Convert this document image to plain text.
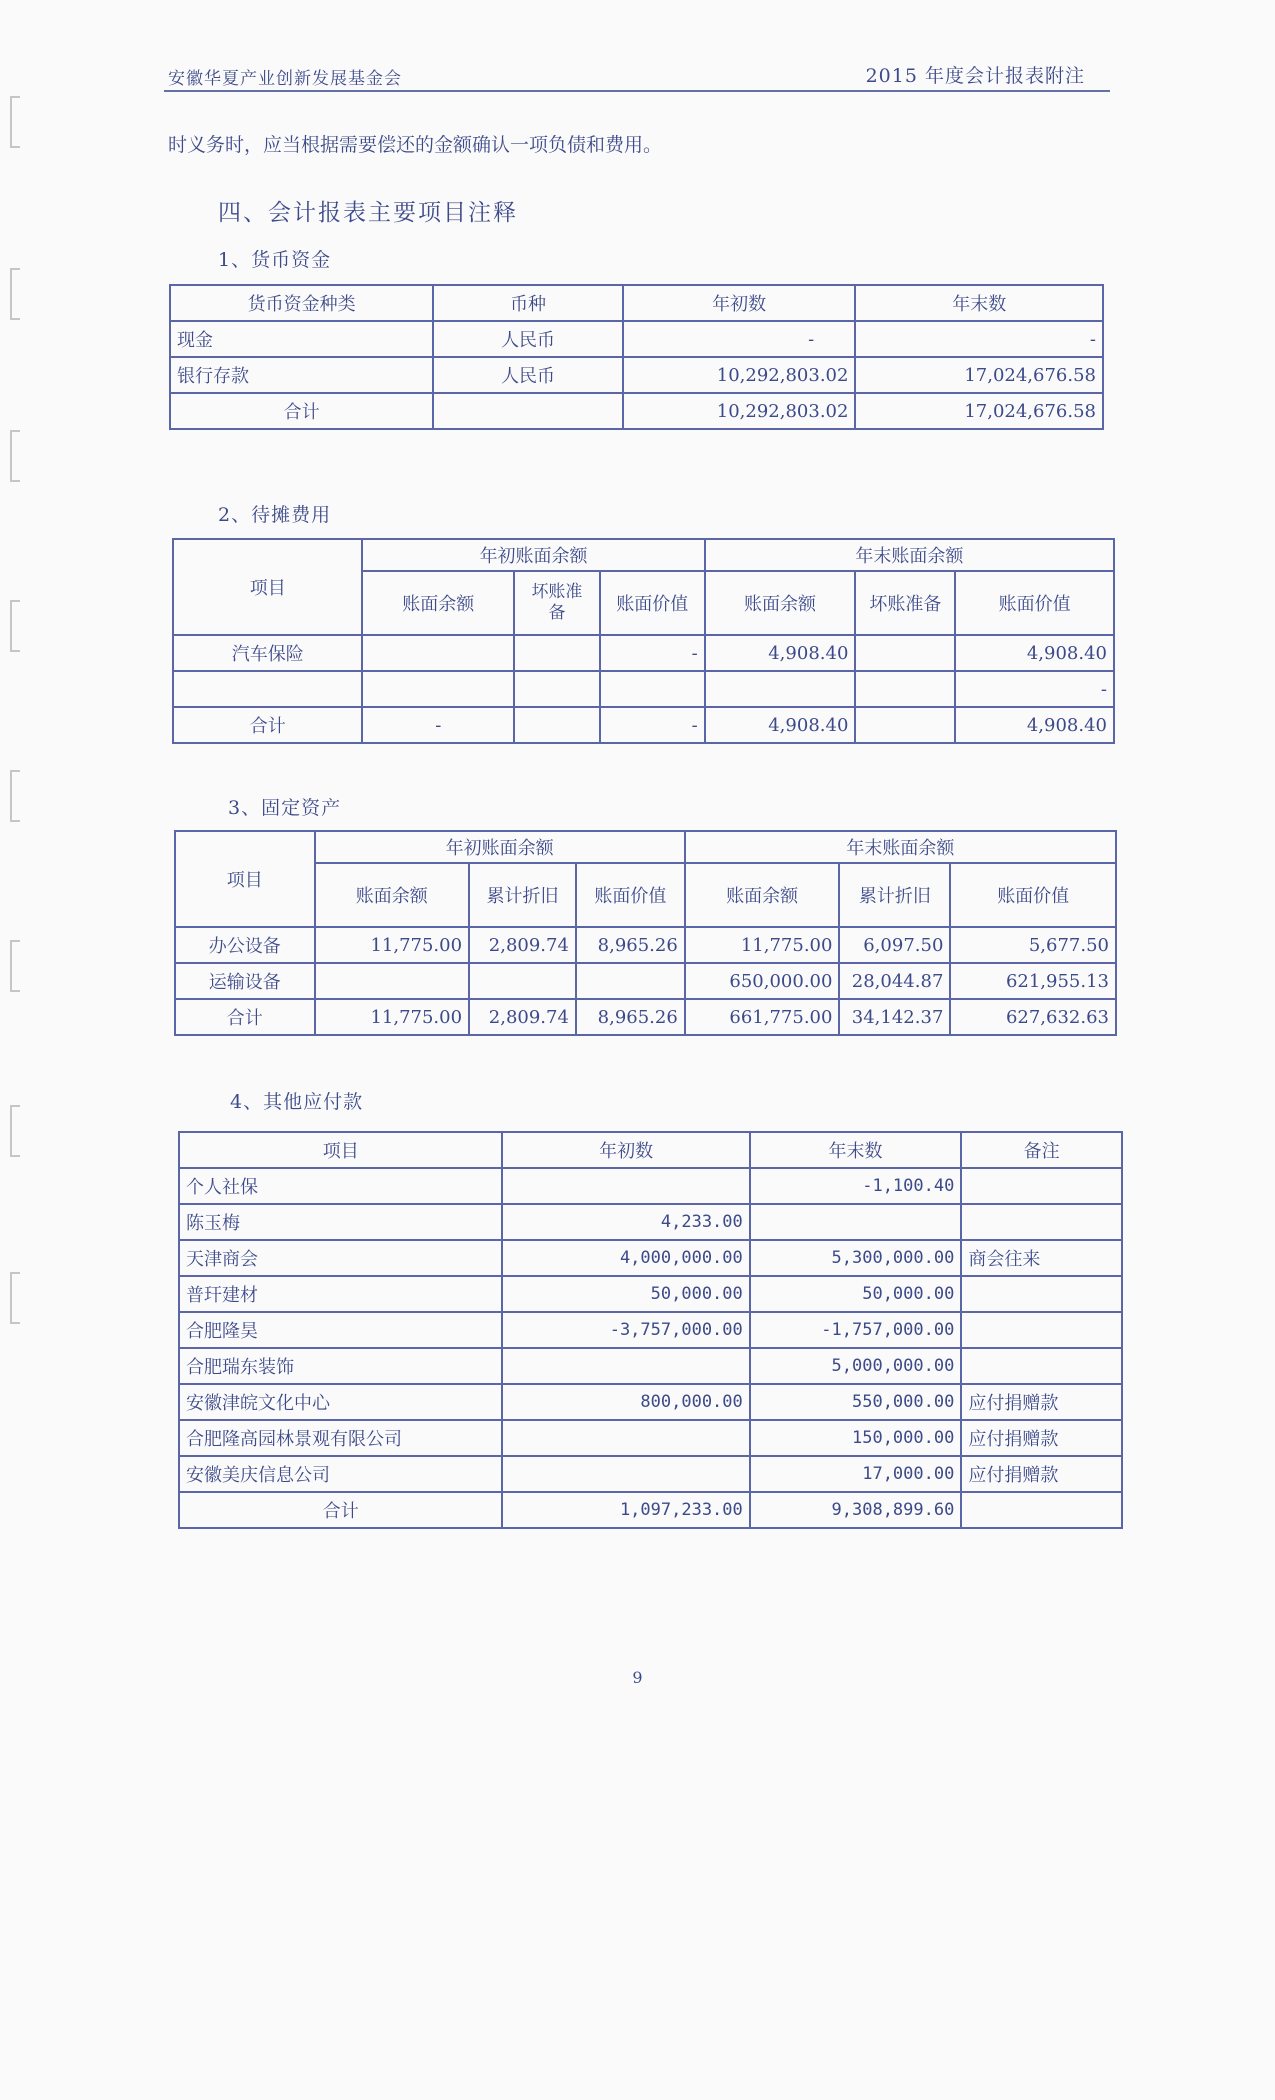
安徽华夏产业创新发展基金会	2015 年度会计报表附注
时义务时，应当根据需要偿还的金额确认一项负债和费用。
四、会计报表主要项目注释
1、货币资金
货币资金种类	币种	年初数	年末数
现金	人民币	-	-
银行存款	人民币	10,292,803.02	17,024,676.58
合计		10,292,803.02	17,024,676.58
2、待摊费用
项目	年初账面余额			年末账面余额		
	账面余额	坏账准备	账面价值	账面余额	坏账准备	账面价值
汽车保险			-	4,908.40		4,908.40
						-
合计	-		-	4,908.40		4,908.40
3、固定资产
项目	年初账面余额			年末账面余额		
	账面余额	累计折旧	账面价值	账面余额	累计折旧	账面价值
办公设备	11,775.00	2,809.74	8,965.26	11,775.00	6,097.50	5,677.50
运输设备				650,000.00	28,044.87	621,955.13
合计	11,775.00	2,809.74	8,965.26	661,775.00	34,142.37	627,632.63
4、其他应付款
项目	年初数	年末数	备注
个人社保		-1,100.40	
陈玉梅	4,233.00		
天津商会	4,000,000.00	5,300,000.00	商会往来
普玕建材	50,000.00	50,000.00	
合肥隆昊	-3,757,000.00	-1,757,000.00	
合肥瑞东装饰		5,000,000.00	
安徽津皖文化中心	800,000.00	550,000.00	应付捐赠款
合肥隆高园林景观有限公司		150,000.00	应付捐赠款
安徽美庆信息公司		17,000.00	应付捐赠款
合计	1,097,233.00	9,308,899.60	
9
